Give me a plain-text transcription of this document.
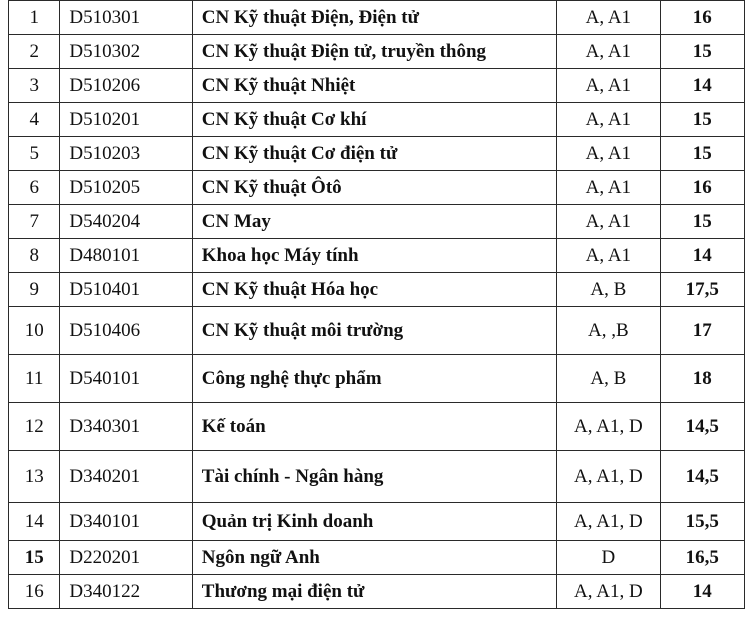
1	D510301	CN Kỹ thuật Điện, Điện tử	A, A1	16
2	D510302	CN Kỹ thuật Điện tử, truyền thông	A, A1	15
3	D510206	CN Kỹ thuật Nhiệt	A, A1	14
4	D510201	CN Kỹ thuật Cơ khí	A, A1	15
5	D510203	CN Kỹ thuật Cơ điện tử	A, A1	15
6	D510205	CN Kỹ thuật Ôtô	A, A1	16
7	D540204	CN May	A, A1	15
8	D480101	Khoa học Máy tính	A, A1	14
9	D510401	CN Kỹ thuật Hóa học	A, B	17,5
10	D510406	CN Kỹ thuật môi trường	A, ,B	17
11	D540101	Công nghệ thực phẩm	A, B	18
12	D340301	Kế toán	A, A1, D	14,5
13	D340201	Tài chính - Ngân hàng	A, A1, D	14,5
14	D340101	Quản trị Kinh doanh	A, A1, D	15,5
15	D220201	Ngôn ngữ Anh	D	16,5
16	D340122	Thương mại điện tử	A, A1, D	14
